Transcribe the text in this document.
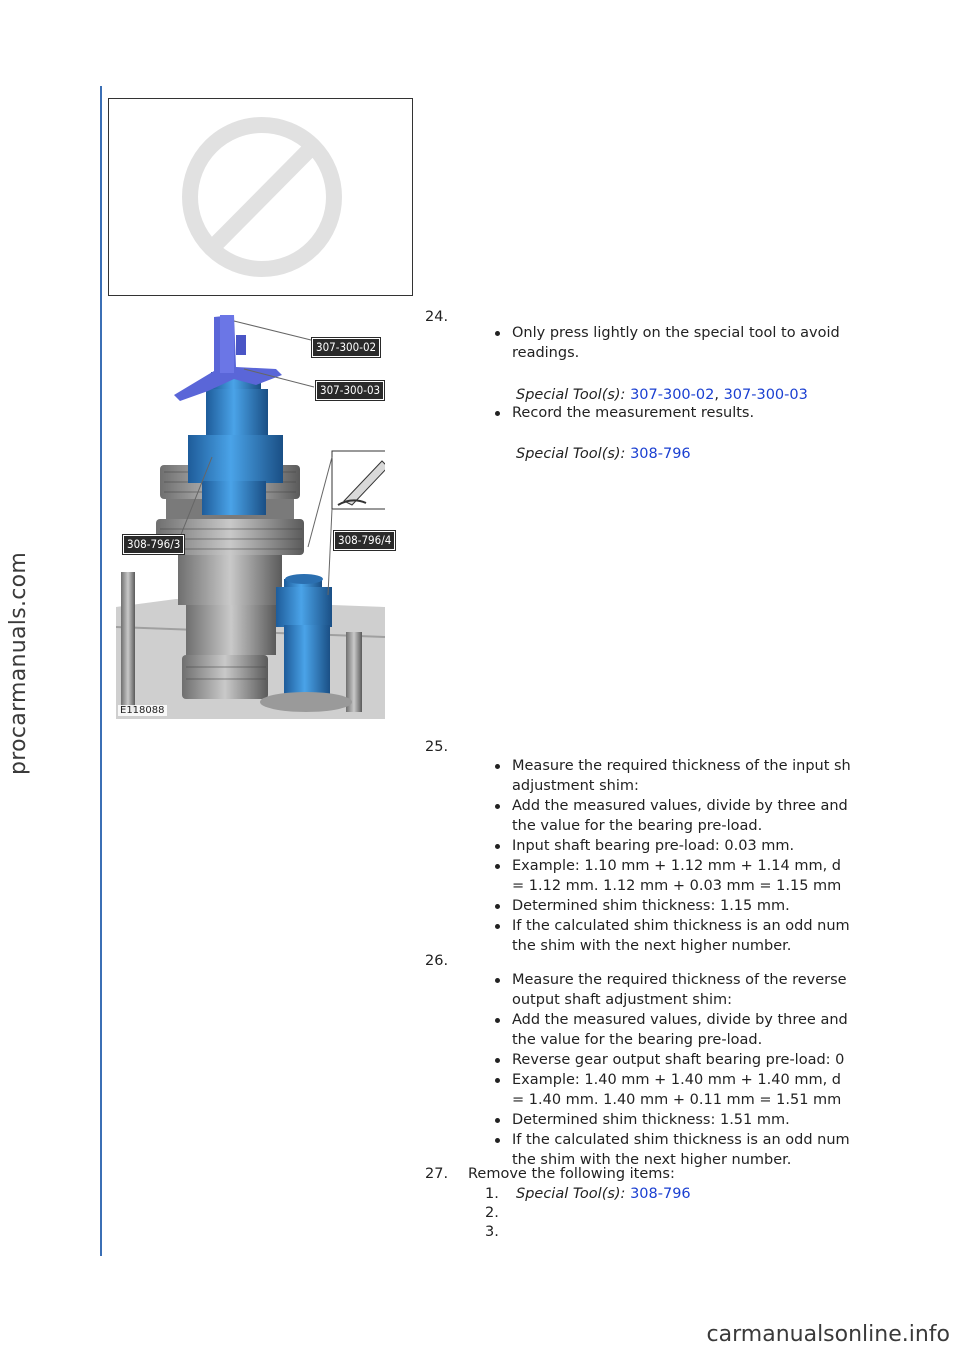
procarmanuals.com
307-300-02
307-300-03
308-796/3	308-796/4
E118088
24.
Only press lightly on the special tool to avoid
readings.
Special Tool(s): 307-300-02, 307-300-03
Record the measurement results.
Special Tool(s): 308-796
25.
Measure the required thickness of the input sh
adjustment shim:
Add the measured values, divide by three and
the value for the bearing pre-load.
Input shaft bearing pre-load: 0.03 mm.
Example: 1.10 mm + 1.12 mm + 1.14 mm, d
= 1.12 mm. 1.12 mm + 0.03 mm = 1.15 mm
Determined shim thickness: 1.15 mm.
If the calculated shim thickness is an odd num
the shim with the next higher number.
26.
Measure the required thickness of the reverse
output shaft adjustment shim:
Add the measured values, divide by three and
the value for the bearing pre-load.
Reverse gear output shaft bearing pre-load: 0
Example: 1.40 mm + 1.40 mm + 1.40 mm, d
= 1.40 mm. 1.40 mm + 0.11 mm = 1.51 mm
Determined shim thickness: 1.51 mm.
If the calculated shim thickness is an odd num
the shim with the next higher number.
27. Remove the following items:
1. Special Tool(s): 308-796
2.
3.
carmanualsonline.info
